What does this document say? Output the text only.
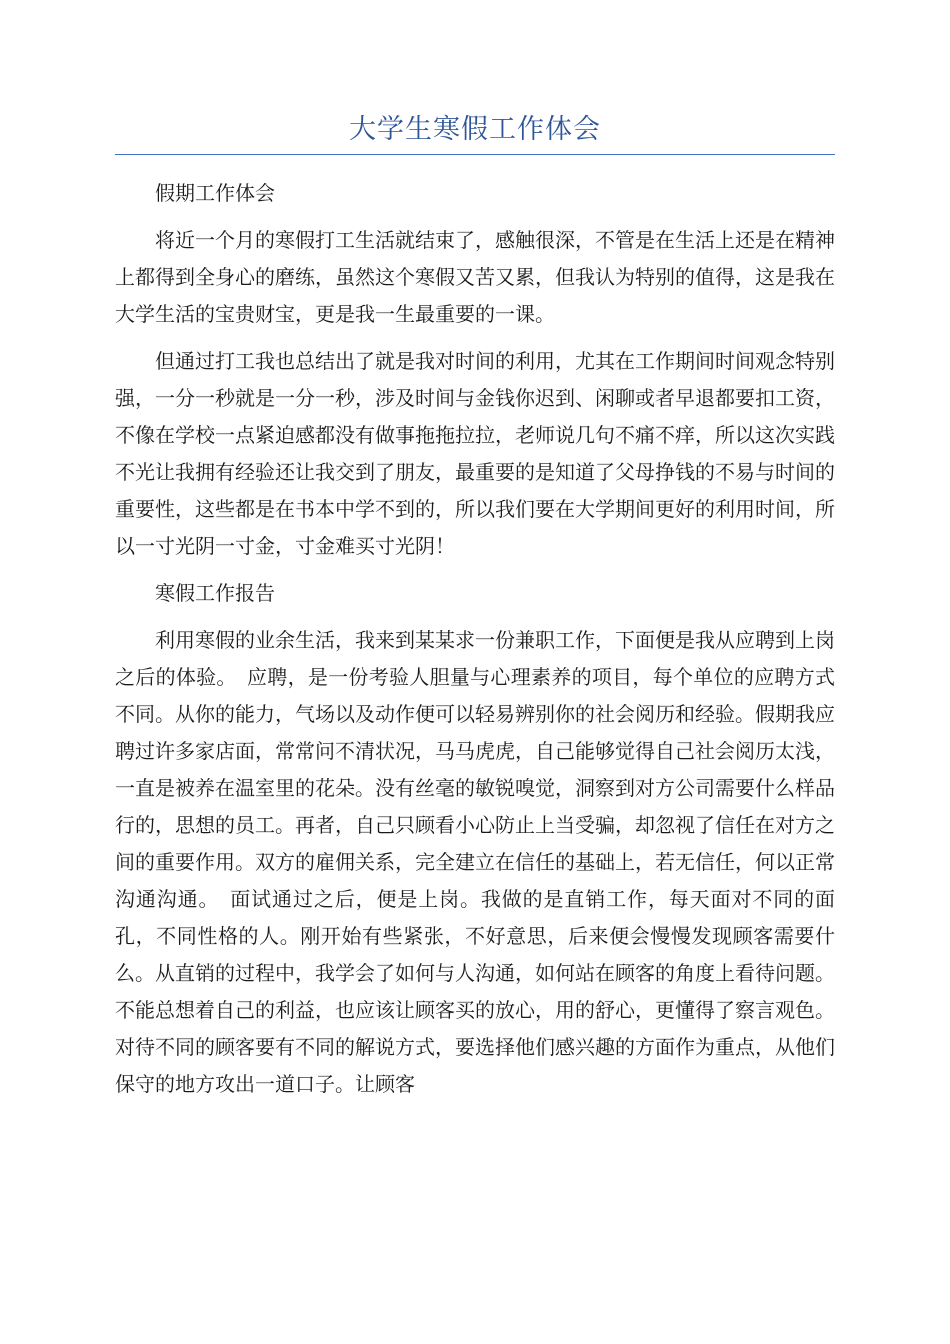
大学生寒假工作体会

假期工作体会

将近一个月的寒假打工生活就结束了，感触很深，不管是在生活上还是在精神上都得到全身心的磨练，虽然这个寒假又苦又累，但我认为特别的值得，这是我在大学生活的宝贵财宝，更是我一生最重要的一课。

但通过打工我也总结出了就是我对时间的利用，尤其在工作期间时间观念特别强，一分一秒就是一分一秒，涉及时间与金钱你迟到、闲聊或者早退都要扣工资，不像在学校一点紧迫感都没有做事拖拖拉拉，老师说几句不痛不痒，所以这次实践不光让我拥有经验还让我交到了朋友，最重要的是知道了父母挣钱的不易与时间的重要性，这些都是在书本中学不到的，所以我们要在大学期间更好的利用时间，所以一寸光阴一寸金，寸金难买寸光阴！

寒假工作报告

利用寒假的业余生活，我来到某某求一份兼职工作，下面便是我从应聘到上岗之后的体验。　应聘，是一份考验人胆量与心理素养的项目，每个单位的应聘方式不同。从你的能力，气场以及动作便可以轻易辨别你的社会阅历和经验。假期我应聘过许多家店面，常常问不清状况，马马虎虎，自己能够觉得自己社会阅历太浅，一直是被养在温室里的花朵。没有丝毫的敏锐嗅觉，洞察到对方公司需要什么样品行的，思想的员工。再者，自己只顾看小心防止上当受骗，却忽视了信任在对方之间的重要作用。双方的雇佣关系，完全建立在信任的基础上，若无信任，何以正常沟通沟通。　面试通过之后，便是上岗。我做的是直销工作，每天面对不同的面孔，不同性格的人。刚开始有些紧张，不好意思，后来便会慢慢发现顾客需要什么。从直销的过程中，我学会了如何与人沟通，如何站在顾客的角度上看待问题。不能总想着自己的利益，也应该让顾客买的放心，用的舒心，更懂得了察言观色。对待不同的顾客要有不同的解说方式，要选择他们感兴趣的方面作为重点，从他们保守的地方攻出一道口子。让顾客
